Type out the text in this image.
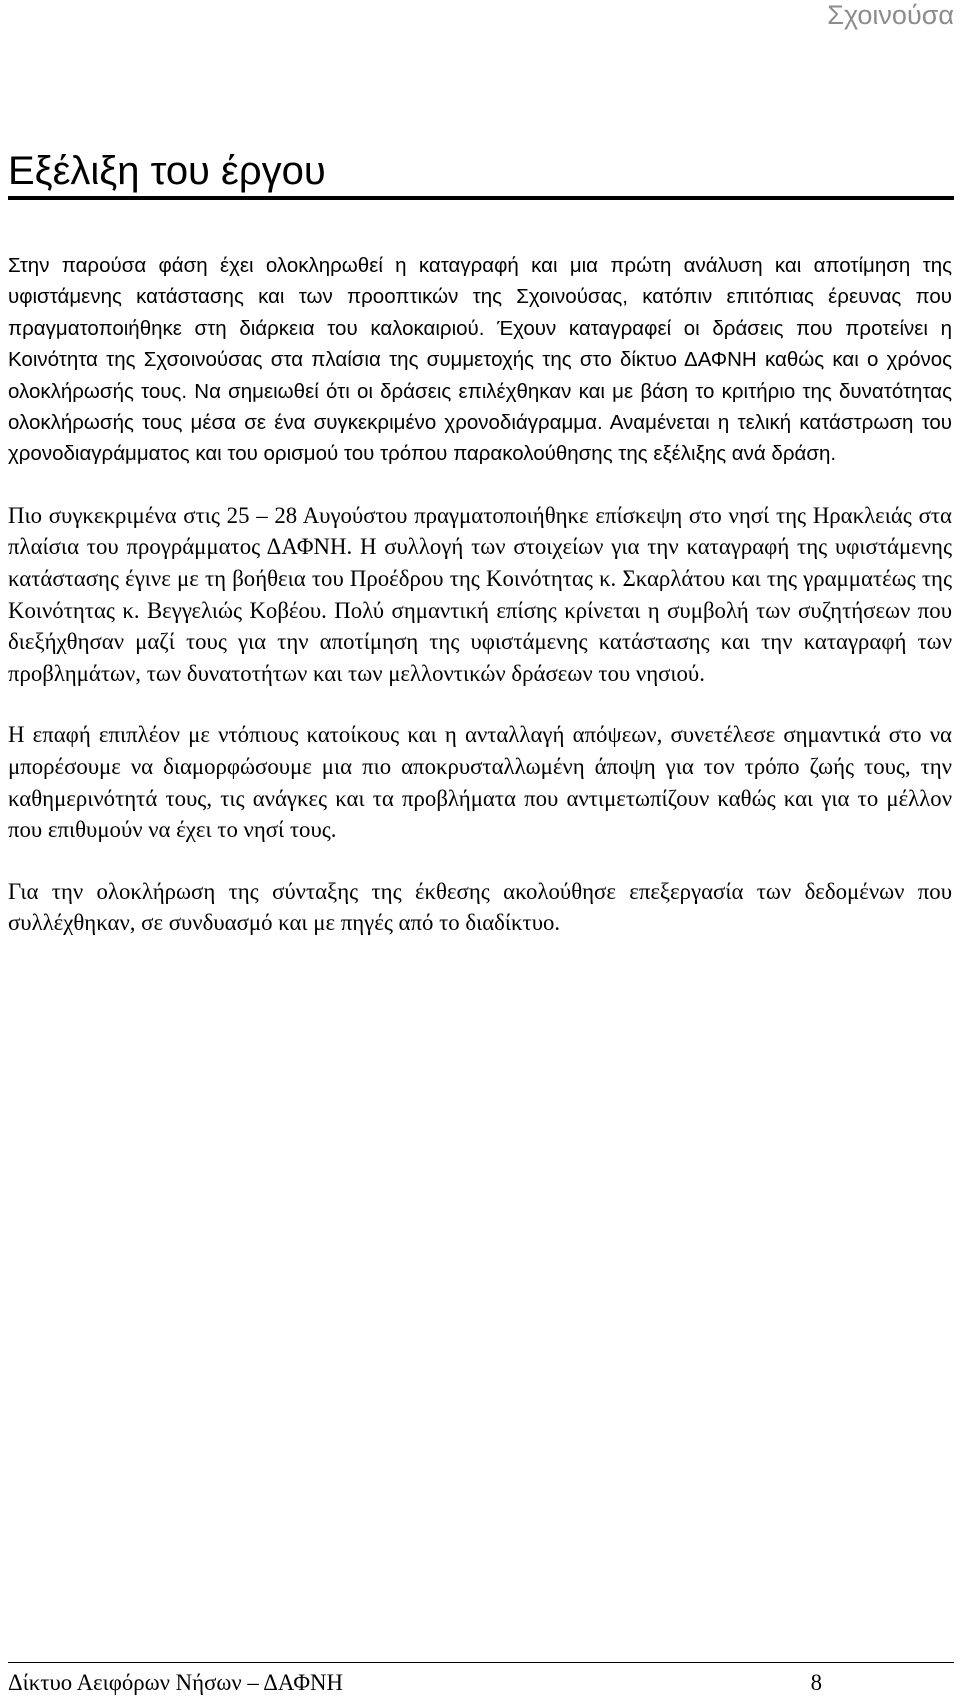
Σχοινούσα
Εξέλιξη του έργου

Στην παρούσα φάση έχει ολοκληρωθεί η καταγραφή και μια πρώτη ανάλυση και αποτίμηση της υφιστάμενης κατάστασης και των προοπτικών της Σχοινούσας, κατόπιν επιτόπιας έρευνας που πραγματοποιήθηκε στη διάρκεια του καλοκαιριού. Έχουν καταγραφεί οι δράσεις που προτείνει η Κοινότητα της Σχσοινούσας στα πλαίσια της συμμετοχής της στο δίκτυο ΔΑΦΝΗ καθώς και ο χρόνος ολοκλήρωσής τους. Να σημειωθεί ότι οι δράσεις επιλέχθηκαν και με βάση το κριτήριο της δυνατότητας ολοκλήρωσής τους μέσα σε ένα συγκεκριμένο χρονοδιάγραμμα. Αναμένεται η τελική κατάστρωση του χρονοδιαγράμματος και του ορισμού του τρόπου παρακολούθησης της εξέλιξης ανά δράση.

Πιο συγκεκριμένα στις 25 – 28 Αυγούστου πραγματοποιήθηκε επίσκεψη στο νησί της Ηρακλειάς στα πλαίσια του προγράμματος ΔΑΦΝΗ. Η συλλογή των στοιχείων για την καταγραφή της υφιστάμενης κατάστασης έγινε με τη βοήθεια του Προέδρου της Κοινότητας κ. Σκαρλάτου και της γραμματέως της Κοινότητας κ. Βεγγελιώς Κοβέου. Πολύ σημαντική επίσης κρίνεται η συμβολή των συζητήσεων που διεξήχθησαν μαζί τους για την αποτίμηση της υφιστάμενης κατάστασης και την καταγραφή των προβλημάτων, των δυνατοτήτων και των μελλοντικών δράσεων του νησιού.

Η επαφή επιπλέον με ντόπιους κατοίκους και η ανταλλαγή απόψεων, συνετέλεσε σημαντικά στο να μπορέσουμε να διαμορφώσουμε μια πιο αποκρυσταλλωμένη άποψη για τον τρόπο ζωής τους, την καθημερινότητά τους, τις ανάγκες και τα προβλήματα που αντιμετωπίζουν καθώς και για το μέλλον που επιθυμούν να έχει το νησί τους.

Για την ολοκλήρωση της σύνταξης της έκθεσης ακολούθησε επεξεργασία των δεδομένων που συλλέχθηκαν, σε συνδυασμό και με πηγές από το διαδίκτυο.

Δίκτυο Αειφόρων Νήσων – ΔΑΦΝΗ	8
